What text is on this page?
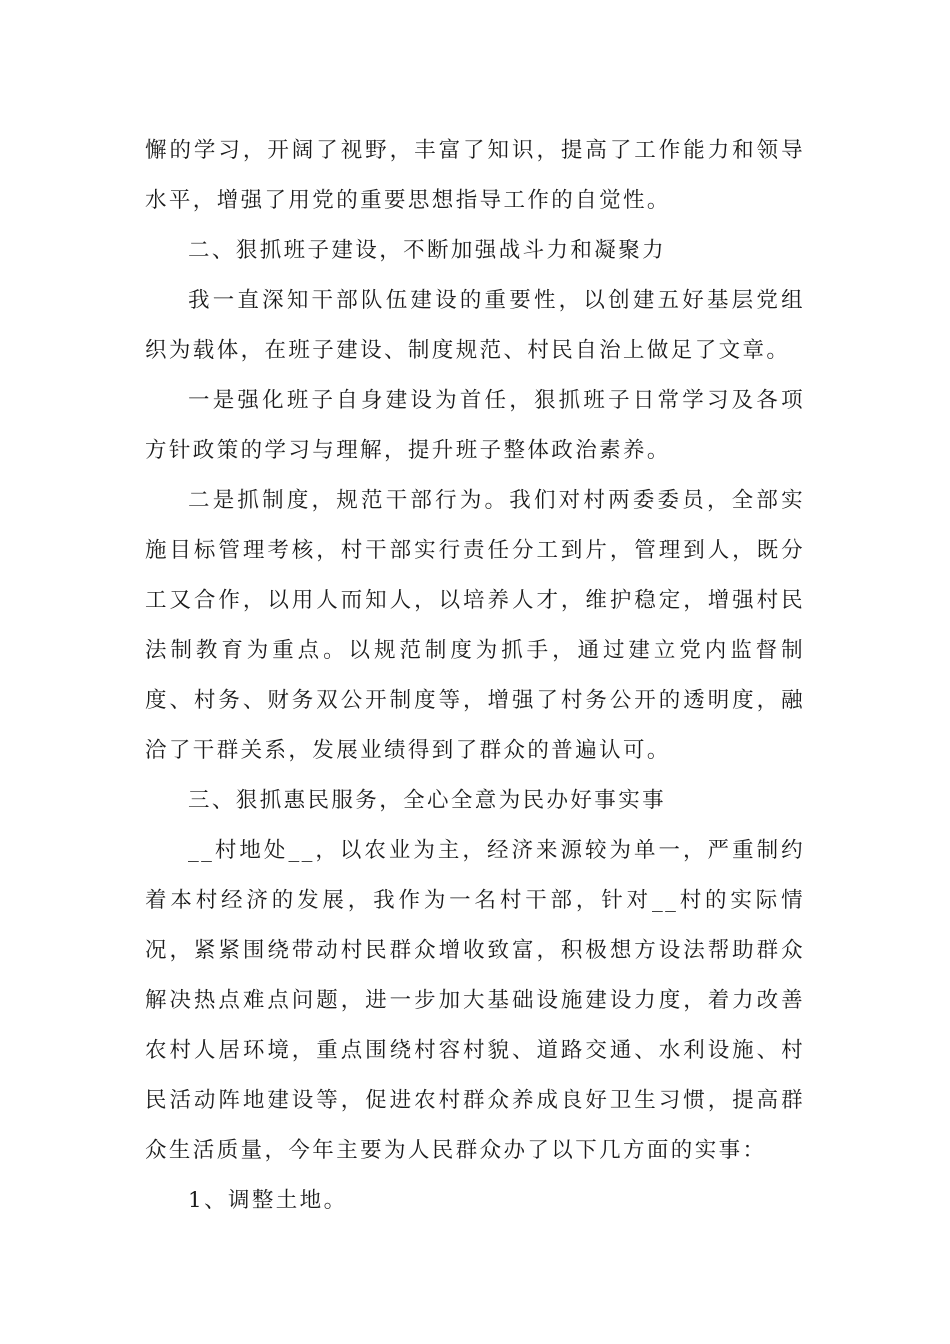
懈的学习，开阔了视野，丰富了知识，提高了工作能力和领导水平，增强了用党的重要思想指导工作的自觉性。

二、狠抓班子建设，不断加强战斗力和凝聚力

我一直深知干部队伍建设的重要性，以创建五好基层党组织为载体，在班子建设、制度规范、村民自治上做足了文章。

一是强化班子自身建设为首任，狠抓班子日常学习及各项方针政策的学习与理解，提升班子整体政治素养。

二是抓制度，规范干部行为。我们对村两委委员，全部实施目标管理考核，村干部实行责任分工到片，管理到人，既分工又合作，以用人而知人，以培养人才，维护稳定，增强村民法制教育为重点。以规范制度为抓手，通过建立党内监督制度、村务、财务双公开制度等，增强了村务公开的透明度，融洽了干群关系，发展业绩得到了群众的普遍认可。

三、狠抓惠民服务，全心全意为民办好事实事

__村地处__，以农业为主，经济来源较为单一，严重制约着本村经济的发展，我作为一名村干部，针对__村的实际情况，紧紧围绕带动村民群众增收致富，积极想方设法帮助群众解决热点难点问题，进一步加大基础设施建设力度，着力改善农村人居环境，重点围绕村容村貌、道路交通、水利设施、村民活动阵地建设等，促进农村群众养成良好卫生习惯，提高群众生活质量，今年主要为人民群众办了以下几方面的实事：

1、调整土地。
